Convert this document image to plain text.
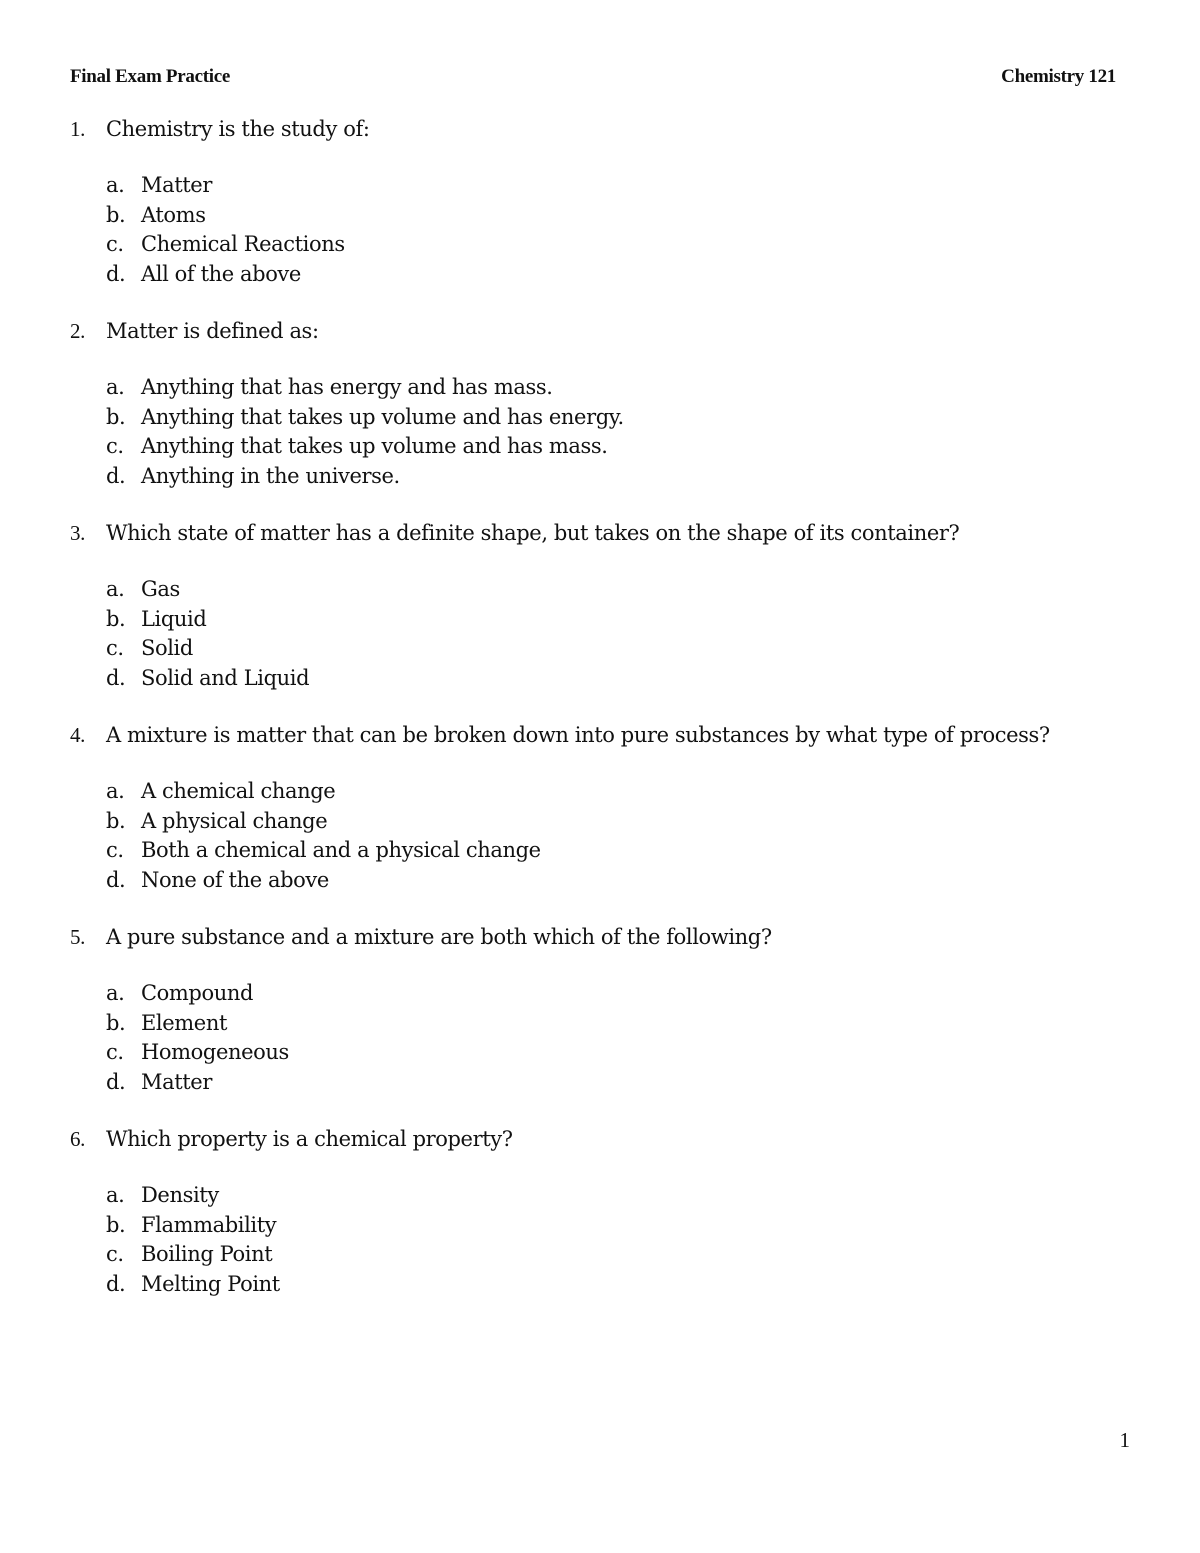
Final Exam Practice	Chemistry 121
1. Chemistry is the study of:
a. Matter
b. Atoms
c. Chemical Reactions
d. All of the above
2. Matter is defined as:
a. Anything that has energy and has mass.
b. Anything that takes up volume and has energy.
c. Anything that takes up volume and has mass.
d. Anything in the universe.
3. Which state of matter has a definite shape, but takes on the shape of its container?
a. Gas
b. Liquid
c. Solid
d. Solid and Liquid
4. A mixture is matter that can be broken down into pure substances by what type of process?
a. A chemical change
b. A physical change
c. Both a chemical and a physical change
d. None of the above
5. A pure substance and a mixture are both which of the following?
a. Compound
b. Element
c. Homogeneous
d. Matter
6. Which property is a chemical property?
a. Density
b. Flammability
c. Boiling Point
d. Melting Point
1
